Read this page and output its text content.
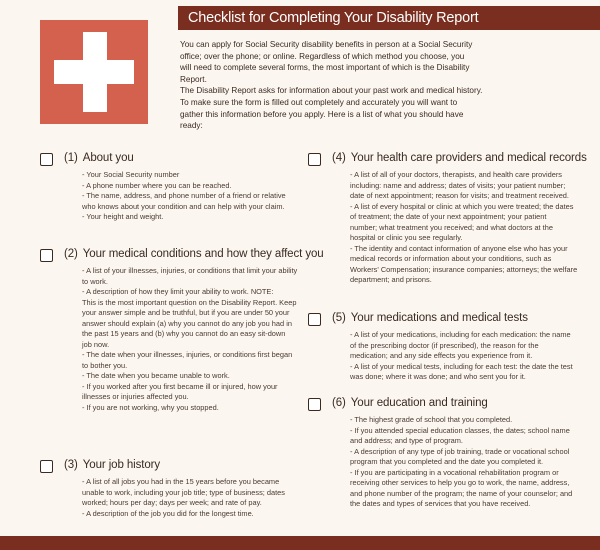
Checklist for Completing Your Disability Report

You can apply for Social Security disability benefits in person at a Social Security

office; over the phone; or online. Regardless of which method you choose, you

will need to complete several forms, the most important of which is the Disability

Report.

The Disability Report asks for information about your past work and medical history.

To make sure the form is filled out completely and accurately you will want to

gather this information before you apply. Here is a list of what you should have

ready:

(1) About you
- Your Social Security number
- A phone number where you can be reached.
- The name, address, and phone number of a friend or relative
who knows about your condition and can help with your claim.
- Your height and weight.
(2) Your medical conditions and how they affect you
- A list of your illnesses, injuries, or conditions that limit your ability
to work.
- A description of how they limit your ability to work. NOTE:
This is the most important question on the Disability Report. Keep
your answer simple and be truthful, but if you are under 50 your
answer should explain (a) why you cannot do any job you had in
the past 15 years and (b) why you cannot do an easy sit-down
job now.
- The date when your illnesses, injuries, or conditions first began
to bother you.
- The date when you became unable to work.
- If you worked after you first became ill or injured, how your
illnesses or injuries affected you.
- If you are not working, why you stopped.
(3) Your job history
- A list of all jobs you had in the 15 years before you became
unable to work, including your job title; type of business; dates
worked; hours per day; days per week; and rate of pay.
- A description of the job you did for the longest time.
(4) Your health care providers and medical records
- A list of all of your doctors, therapists, and health care providers
including: name and address; dates of visits; your patient number;
date of next appointment; reason for visits; and treatment received.
- A list of every hospital or clinic at which you were treated; the dates
of treatment; the date of your next appointment; your patient
number; what treatment you received; and what doctors at the
hospital or clinic you see regularly.
- The identity and contact information of anyone else who has your
medical records or information about your conditions, such as
Workers' Compensation; insurance companies; attorneys; the welfare
department; and prisons.
(5) Your medications and medical tests
- A list of your medications, including for each medication: the name
of the prescribing doctor (if prescribed), the reason for the
medication; and any side effects you experience from it.
- A list of your medical tests, including for each test: the date the test
was done; where it was done; and who sent you for it.
(6) Your education and training
- The highest grade of school that you completed.
- If you attended special education classes, the dates; school name
and address; and type of program.
- A description of any type of job training, trade or vocational school
program that you completed and the date you completed it.
- If you are participating in a vocational rehabilitation program or
receiving other services to help you go to work, the name, address,
and phone number of the program; the name of your counselor; and
the dates and types of services that you have received.
